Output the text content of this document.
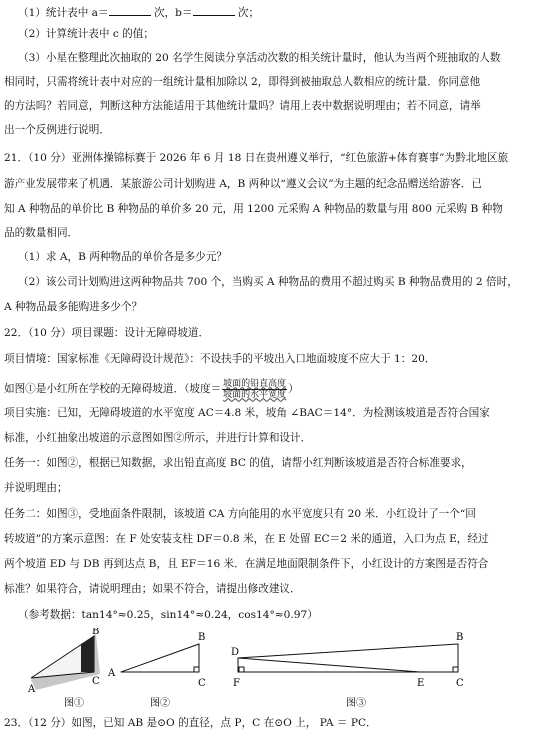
（1）统计表中 a＝	次，b＝	次；
（2）计算统计表中 c 的值；
（3）小星在整理此次抽取的 20 名学生阅读分享活动次数的相关统计量时，他认为当两个班抽取的人数
相同时，只需将统计表中对应的一组统计量相加除以 2，即得到被抽取总人数相应的统计量．你同意他
的方法吗？若同意，判断这种方法能适用于其他统计量吗？请用上表中数据说明理由；若不同意，请举
出一个反例进行说明．
21．（10 分）亚洲体操锦标赛于 2026 年 6 月 18 日在贵州遵义举行，“红色旅游+体育赛事”为黔北地区旅
游产业发展带来了机遇．某旅游公司计划购进 A，B 两种以“遵义会议”为主题的纪念品赠送给游客．已
知 A 种物品的单价比 B 种物品的单价多 20 元，用 1200 元采购 A 种物品的数量与用 800 元采购 B 种物
品的数量相同．
（1）求 A，B 两种物品的单价各是多少元？
（2）该公司计划购进这两种物品共 700 个，当购买 A 种物品的费用不超过购买 B 种物品费用的 2 倍时，
A 种物品最多能购进多少个？
22．（10 分）项目课题：设计无障碍坡道．
项目情境：国家标准《无障碍设计规范》：不设扶手的平坡出入口地面坡度不应大于 1：20．
如图①是小红所在学校的无障碍坡道．（坡度＝ $\frac{\text{坡面的铅直高度}}{\text{坡面的水平宽度}}$ ）
项目实施：已知，无障碍坡道的水平宽度 AC＝4.8 米，坡角 ∠BAC＝14°．为检测该坡道是否符合国家
标准，小红抽象出坡道的示意图如图②所示，并进行计算和设计．
任务一：如图②，根据已知数据，求出铅直高度 BC 的值，请帮小红判断该坡道是否符合标准要求，
并说明理由；
任务二：如图③，受地面条件限制，该坡道 CA 方向能用的水平宽度只有 20 米．小红设计了一个“回
转坡道”的方案示意图：在 F 处安装支柱 DF＝0.8 米，在 E 处留 EC＝2 米的通道，入口为点 E，经过
两个坡道 ED 与 DB 再到达点 B，且 EF＝16 米．在满足地面限制条件下，小红设计的方案图是否符合
标准？如果符合，请说明理由；如果不符合，请提出修改建议．
（参考数据：tan14°≈0.25，sin14°≈0.24，cos14°≈0.97）
B
C
A
图①
A
B
C
图②
D
F
B
E	C
图③
23．（12 分）如图，已知 AB 是⊙O 的直径，点 P，C 在⊙O 上， PA ＝ PC．
